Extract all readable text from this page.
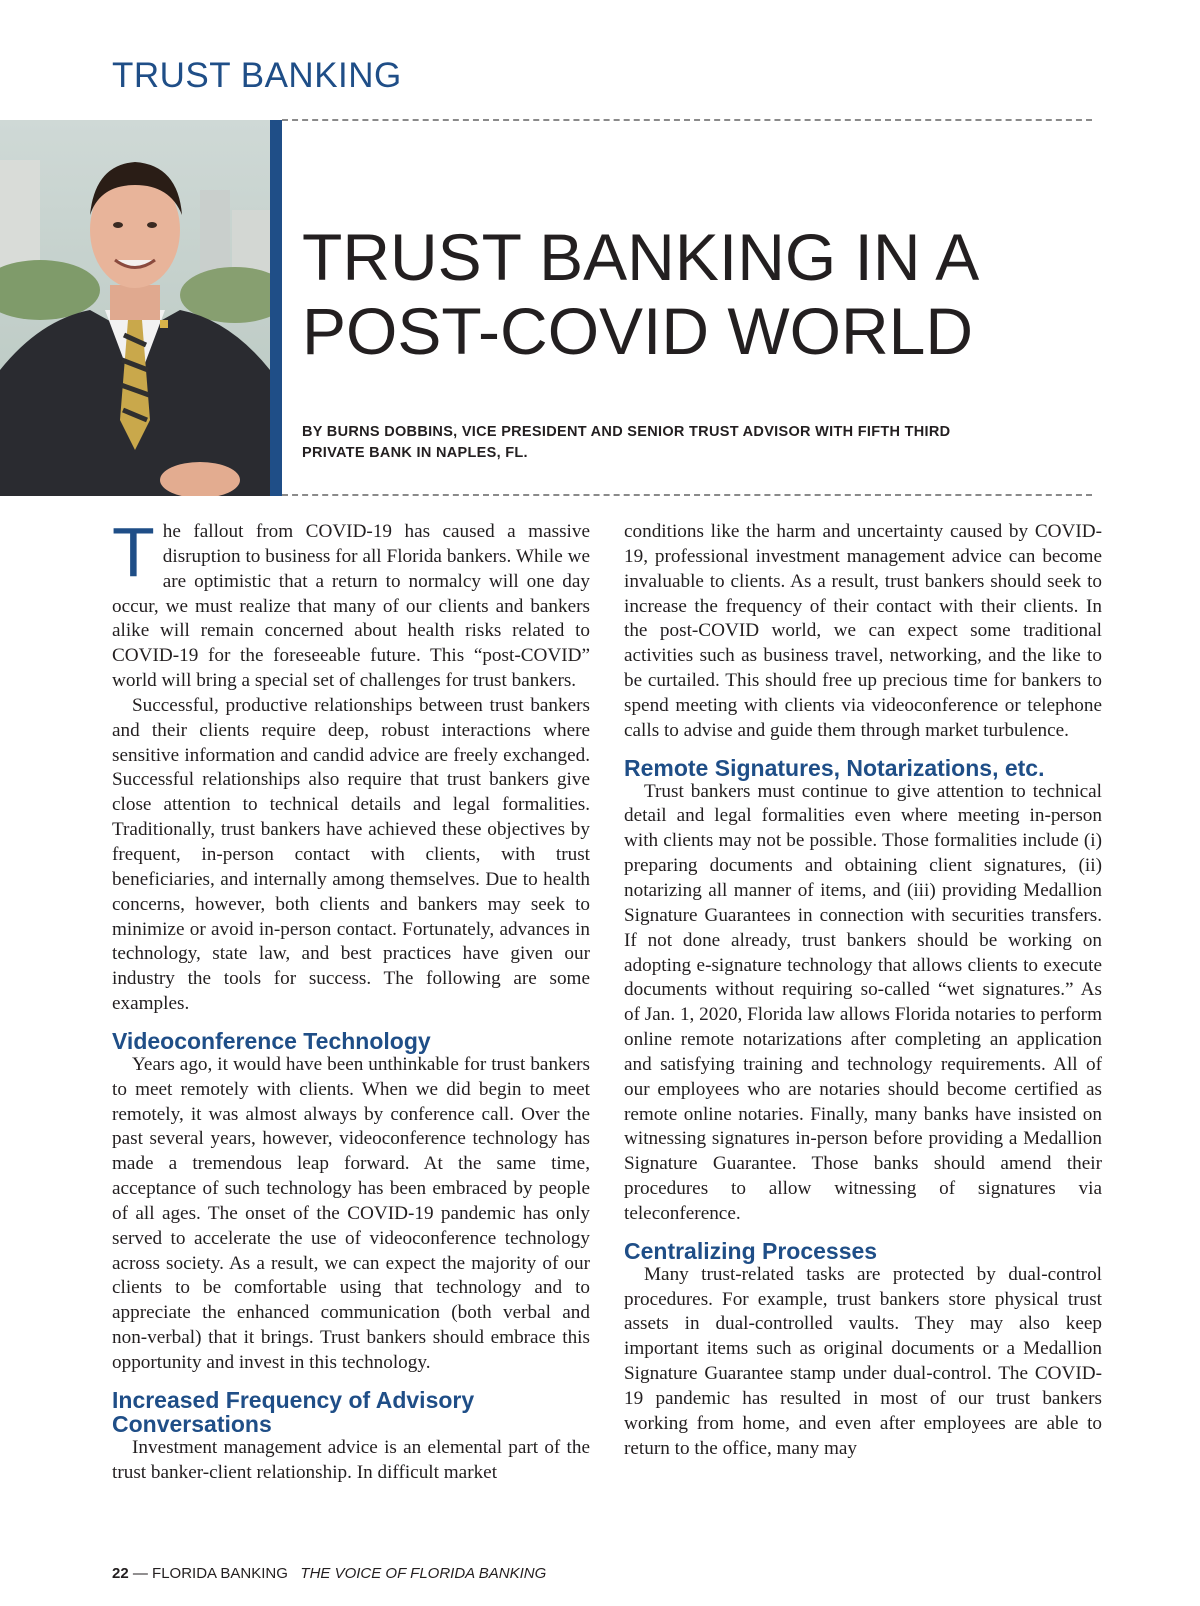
TRUST BANKING
TRUST BANKING IN A
POST-COVID WORLD
BY BURNS DOBBINS, VICE PRESIDENT AND SENIOR TRUST ADVISOR WITH FIFTH THIRD
PRIVATE BANK IN NAPLES, FL.

The fallout from COVID-19 has caused a massive disruption to business for all Florida bankers. While we are optimistic that a return to normalcy will one day occur, we must realize that many of our clients and bankers alike will remain concerned about health risks related to COVID-19 for the foreseeable future. This “post-COVID” world will bring a special set of challenges for trust bankers.

Successful, productive relationships between trust bankers and their clients require deep, robust interactions where sensitive information and candid advice are freely exchanged. Successful relationships also require that trust bankers give close attention to technical details and legal formalities. Traditionally, trust bankers have achieved these objectives by frequent, in-person contact with clients, with trust beneficiaries, and internally among themselves. Due to health concerns, however, both clients and bankers may seek to minimize or avoid in-person contact. Fortunately, advances in technology, state law, and best practices have given our industry the tools for success. The following are some examples.

Videoconference Technology

Years ago, it would have been unthinkable for trust bankers to meet remotely with clients. When we did begin to meet remotely, it was almost always by conference call. Over the past several years, however, videoconference technology has made a tremendous leap forward. At the same time, acceptance of such technology has been embraced by people of all ages. The onset of the COVID-19 pandemic has only served to accelerate the use of videoconference technology across society. As a result, we can expect the majority of our clients to be comfortable using that technology and to appreciate the enhanced communication (both verbal and non-verbal) that it brings. Trust bankers should embrace this opportunity and invest in this technology.

Increased Frequency of Advisory Conversations

Investment management advice is an elemental part of the trust banker-client relationship. In difficult market

conditions like the harm and uncertainty caused by COVID-19, professional investment management advice can become invaluable to clients. As a result, trust bankers should seek to increase the frequency of their contact with their clients. In the post-COVID world, we can expect some traditional activities such as business travel, networking, and the like to be curtailed. This should free up precious time for bankers to spend meeting with clients via videoconference or telephone calls to advise and guide them through market turbulence.

Remote Signatures, Notarizations, etc.

Trust bankers must continue to give attention to technical detail and legal formalities even where meeting in-person with clients may not be possible. Those formalities include (i) preparing documents and obtaining client signatures, (ii) notarizing all manner of items, and (iii) providing Medallion Signature Guarantees in connection with securities transfers. If not done already, trust bankers should be working on adopting e-signature technology that allows clients to execute documents without requiring so-called “wet signatures.” As of Jan. 1, 2020, Florida law allows Florida notaries to perform online remote notarizations after completing an application and satisfying training and technology requirements. All of our employees who are notaries should become certified as remote online notaries. Finally, many banks have insisted on witnessing signatures in-person before providing a Medallion Signature Guarantee. Those banks should amend their procedures to allow witnessing of signatures via teleconference.

Centralizing Processes

Many trust-related tasks are protected by dual-control procedures. For example, trust bankers store physical trust assets in dual-controlled vaults. They may also keep important items such as original documents or a Medallion Signature Guarantee stamp under dual-control. The COVID-19 pandemic has resulted in most of our trust bankers working from home, and even after employees are able to return to the office, many may

22 — FLORIDA BANKING THE VOICE OF FLORIDA BANKING
